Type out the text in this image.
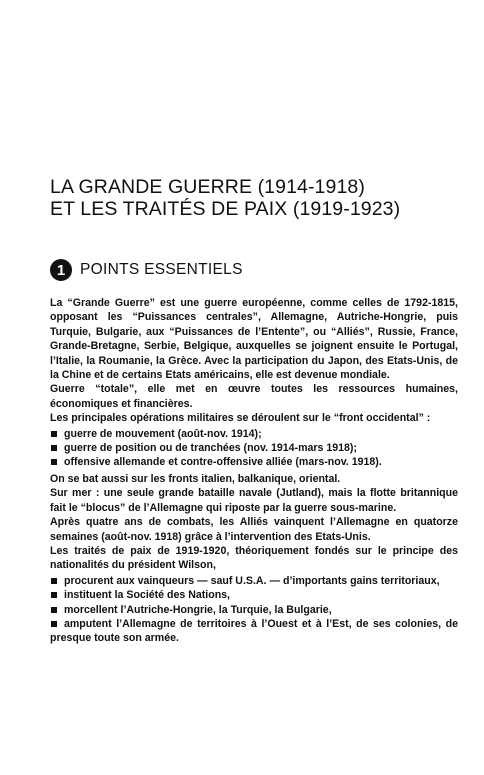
LA GRANDE GUERRE (1914-1918)
ET LES TRAITÉS DE PAIX (1919-1923)
1 POINTS ESSENTIELS

La “Grande Guerre” est une guerre européenne, comme celles de 1792-1815, opposant les “Puissances centrales”, Allemagne, Autriche-Hongrie, puis Turquie, Bulgarie, aux “Puissances de l’Entente”, ou “Alliés”, Russie, France, Grande-Bretagne, Serbie, Belgique, auxquelles se joignent ensuite le Portugal, l’Italie, la Roumanie, la Grèce. Avec la participation du Japon, des Etats-Unis, de la Chine et de certains Etats américains, elle est devenue mondiale.

Guerre “totale”, elle met en œuvre toutes les ressources humaines, économiques et financières.

Les principales opérations militaires se déroulent sur le “front occidental” :

guerre de mouvement (août-nov. 1914);
guerre de position ou de tranchées (nov. 1914-mars 1918);
offensive allemande et contre-offensive alliée (mars-nov. 1918).

On se bat aussi sur les fronts italien, balkanique, oriental.

Sur mer : une seule grande bataille navale (Jutland), mais la flotte britannique fait le “blocus” de l’Allemagne qui riposte par la guerre sous-marine.

Après quatre ans de combats, les Alliés vainquent l’Allemagne en quatorze semaines (août-nov. 1918) grâce à l’intervention des Etats-Unis.

Les traités de paix de 1919-1920, théoriquement fondés sur le principe des nationalités du président Wilson,

procurent aux vainqueurs — sauf U.S.A. — d’importants gains territoriaux,
instituent la Société des Nations,
morcellent l’Autriche-Hongrie, la Turquie, la Bulgarie,
amputent l’Allemagne de territoires à l’Ouest et à l’Est, de ses colonies, de presque toute son armée.
